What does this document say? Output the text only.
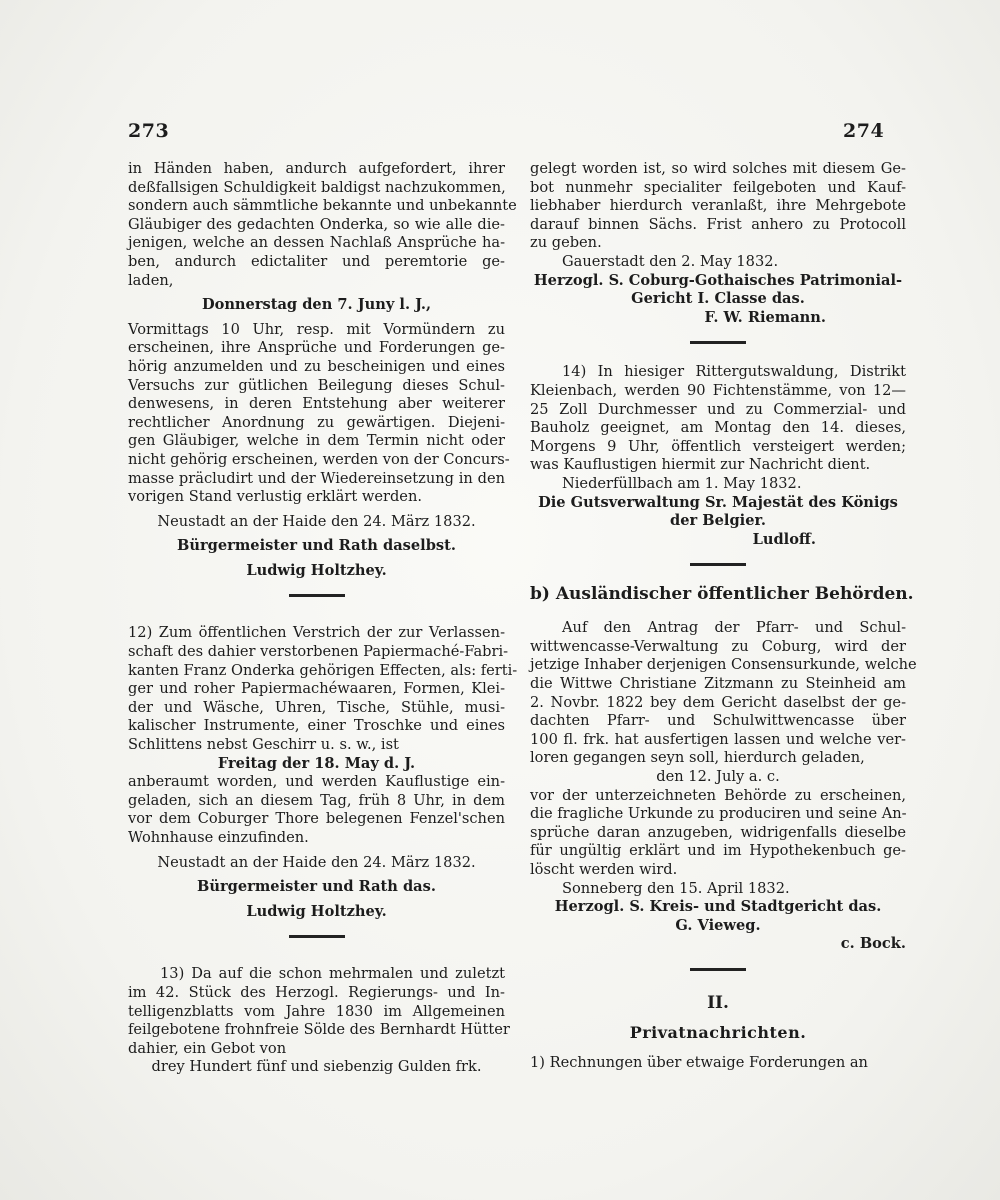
273	274
in Händen haben, andurch aufgefordert, ihrer
deßfallsigen Schuldigkeit baldigst nachzukommen,
sondern auch sämmtliche bekannte und unbekannte
Gläubiger des gedachten Onderka, so wie alle die-
jenigen, welche an dessen Nachlaß Ansprüche ha-
ben, andurch edictaliter und peremtorie ge-
laden,
Donnerstag den 7. Juny l. J.,
Vormittags 10 Uhr, resp. mit Vormündern zu
erscheinen, ihre Ansprüche und Forderungen ge-
hörig anzumelden und zu bescheinigen und eines
Versuchs zur gütlichen Beilegung dieses Schul-
denwesens, in deren Entstehung aber weiterer
rechtlicher Anordnung zu gewärtigen. Diejeni-
gen Gläubiger, welche in dem Termin nicht oder
nicht gehörig erscheinen, werden von der Concurs-
masse präcludirt und der Wiedereinsetzung in den
vorigen Stand verlustig erklärt werden.
Neustadt an der Haide den 24. März 1832.
Bürgermeister und Rath daselbst.
Ludwig Holtzhey.
12) Zum öffentlichen Verstrich der zur Verlassen-
schaft des dahier verstorbenen Papiermaché-Fabri-
kanten Franz Onderka gehörigen Effecten, als: ferti-
ger und roher Papiermachéwaaren, Formen, Klei-
der und Wäsche, Uhren, Tische, Stühle, musi-
kalischer Instrumente, einer Troschke und eines
Schlittens nebst Geschirr u. s. w., ist
Freitag der 18. May d. J.
anberaumt worden, und werden Kauflustige ein-
geladen, sich an diesem Tag, früh 8 Uhr, in dem
vor dem Coburger Thore belegenen Fenzel'schen
Wohnhause einzufinden.
Neustadt an der Haide den 24. März 1832.
Bürgermeister und Rath das.
Ludwig Holtzhey.
13) Da auf die schon mehrmalen und zuletzt
im 42. Stück des Herzogl. Regierungs- und In-
telligenzblatts vom Jahre 1830 im Allgemeinen
feilgebotene frohnfreie Sölde des Bernhardt Hütter
dahier, ein Gebot von
drey Hundert fünf und siebenzig Gulden frk.
gelegt worden ist, so wird solches mit diesem Ge-
bot nunmehr specialiter feilgeboten und Kauf-
liebhaber hierdurch veranlaßt, ihre Mehrgebote
darauf binnen Sächs. Frist anhero zu Protocoll
zu geben.
Gauerstadt den 2. May 1832.
Herzogl. S. Coburg-Gothaisches Patrimonial-
Gericht I. Classe das.
F. W. Riemann.
14) In hiesiger Rittergutswaldung, Distrikt
Kleienbach, werden 90 Fichtenstämme, von 12—
25 Zoll Durchmesser und zu Commerzial- und
Bauholz geeignet, am Montag den 14. dieses,
Morgens 9 Uhr, öffentlich versteigert werden;
was Kauflustigen hiermit zur Nachricht dient.
Niederfüllbach am 1. May 1832.
Die Gutsverwaltung Sr. Majestät des Königs
der Belgier.
Ludloff.
b) Ausländischer öffentlicher Behörden.
Auf den Antrag der Pfarr- und Schul-
wittwencasse-Verwaltung zu Coburg, wird der
jetzige Inhaber derjenigen Consensurkunde, welche
die Wittwe Christiane Zitzmann zu Steinheid am
2. Novbr. 1822 bey dem Gericht daselbst der ge-
dachten Pfarr- und Schulwittwencasse über
100 fl. frk. hat ausfertigen lassen und welche ver-
loren gegangen seyn soll, hierdurch geladen,
den 12. July a. c.
vor der unterzeichneten Behörde zu erscheinen,
die fragliche Urkunde zu produciren und seine An-
sprüche daran anzugeben, widrigenfalls dieselbe
für ungültig erklärt und im Hypothekenbuch ge-
löscht werden wird.
Sonneberg den 15. April 1832.
Herzogl. S. Kreis- und Stadtgericht das.
G. Vieweg.
c. Bock.
II.
Privatnachrichten.
1) Rechnungen über etwaige Forderungen an
